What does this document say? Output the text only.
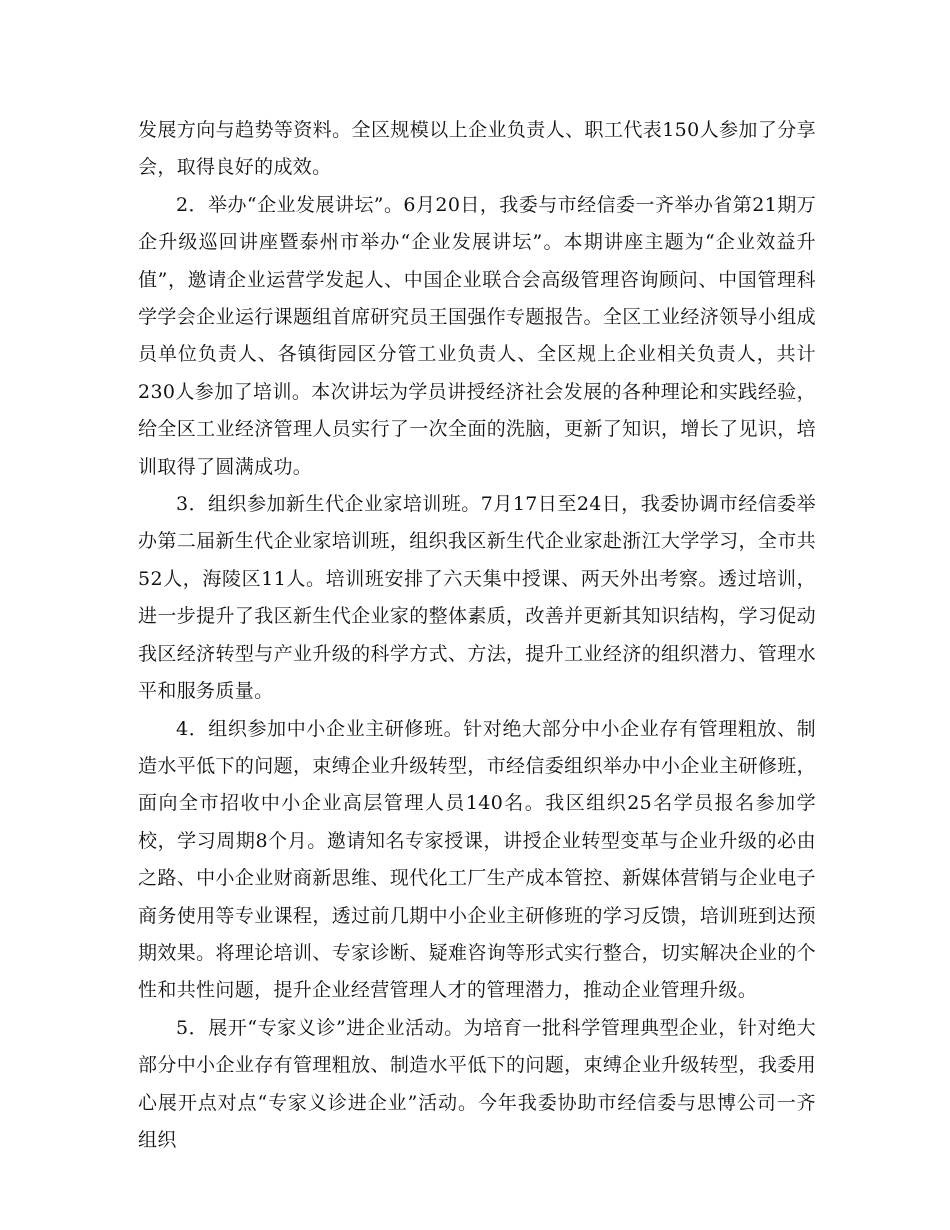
发展方向与趋势等资料。全区规模以上企业负责人、职工代表150人参加了分享会，取得良好的成效。

2．举办“企业发展讲坛”。6月20日，我委与市经信委一齐举办省第21期万企升级巡回讲座暨泰州市举办“企业发展讲坛”。本期讲座主题为“企业效益升值”，邀请企业运营学发起人、中国企业联合会高级管理咨询顾问、中国管理科学学会企业运行课题组首席研究员王国强作专题报告。全区工业经济领导小组成员单位负责人、各镇街园区分管工业负责人、全区规上企业相关负责人，共计230人参加了培训。本次讲坛为学员讲授经济社会发展的各种理论和实践经验，给全区工业经济管理人员实行了一次全面的洗脑，更新了知识，增长了见识，培训取得了圆满成功。

3．组织参加新生代企业家培训班。7月17日至24日，我委协调市经信委举办第二届新生代企业家培训班，组织我区新生代企业家赴浙江大学学习，全市共52人，海陵区11人。培训班安排了六天集中授课、两天外出考察。透过培训，进一步提升了我区新生代企业家的整体素质，改善并更新其知识结构，学习促动我区经济转型与产业升级的科学方式、方法，提升工业经济的组织潜力、管理水平和服务质量。

4．组织参加中小企业主研修班。针对绝大部分中小企业存有管理粗放、制造水平低下的问题，束缚企业升级转型，市经信委组织举办中小企业主研修班，面向全市招收中小企业高层管理人员140名。我区组织25名学员报名参加学校，学习周期8个月。邀请知名专家授课，讲授企业转型变革与企业升级的必由之路、中小企业财商新思维、现代化工厂生产成本管控、新媒体营销与企业电子商务使用等专业课程，透过前几期中小企业主研修班的学习反馈，培训班到达预期效果。将理论培训、专家诊断、疑难咨询等形式实行整合，切实解决企业的个性和共性问题，提升企业经营管理人才的管理潜力，推动企业管理升级。

5．展开“专家义诊”进企业活动。为培育一批科学管理典型企业，针对绝大部分中小企业存有管理粗放、制造水平低下的问题，束缚企业升级转型，我委用心展开点对点“专家义诊进企业”活动。今年我委协助市经信委与思博公司一齐组织
